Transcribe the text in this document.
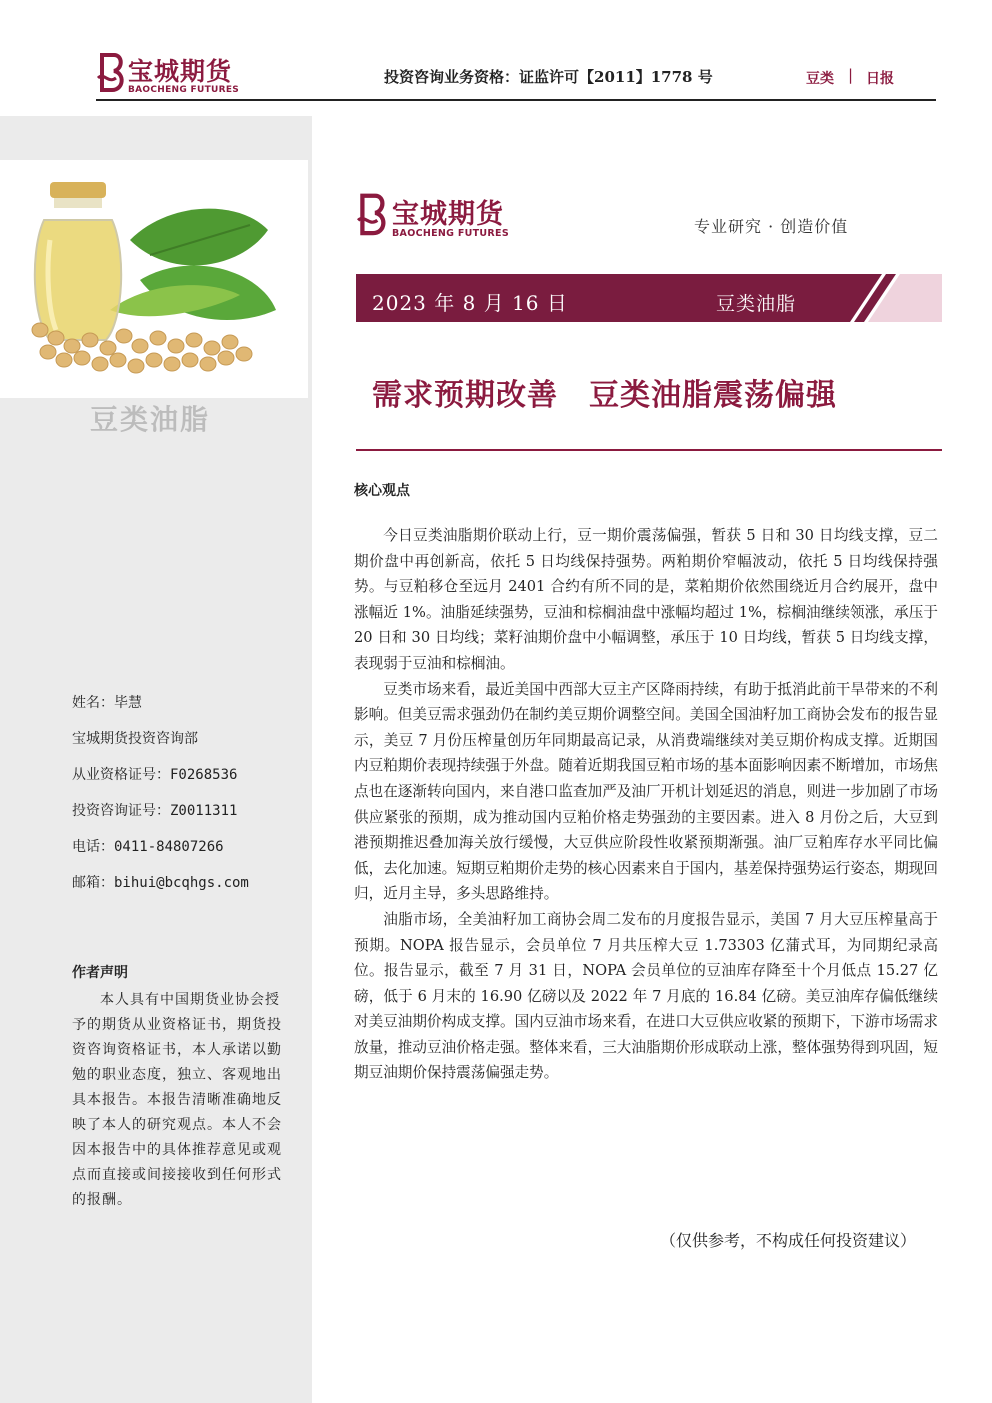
宝城期货
BAOCHENG FUTURES
投资咨询业务资格：证监许可【2011】1778 号	豆类 | 日报
豆类油脂
姓名：毕慧
宝城期货投资咨询部
从业资格证号：F0268536
投资咨询证号：Z0011311
电话：0411-84807266
邮箱：bihui@bcqhgs.com
作者声明
本人具有中国期货业协会授予的期货从业资格证书，期货投资咨询资格证书，本人承诺以勤勉的职业态度，独立、客观地出具本报告。本报告清晰准确地反映了本人的研究观点。本人不会因本报告中的具体推荐意见或观点而直接或间接接收到任何形式的报酬。
宝城期货
BAOCHENG FUTURES	专业研究 · 创造价值
2023 年 8 月 16 日	豆类油脂
需求预期改善　豆类油脂震荡偏强
核心观点

今日豆类油脂期价联动上行，豆一期价震荡偏强，暂获 5 日和 30 日均线支撑，豆二期价盘中再创新高，依托 5 日均线保持强势。两粕期价窄幅波动，依托 5 日均线保持强势。与豆粕移仓至远月 2401 合约有所不同的是，菜粕期价依然围绕近月合约展开，盘中涨幅近 1%。油脂延续强势，豆油和棕榈油盘中涨幅均超过 1%，棕榈油继续领涨，承压于 20 日和 30 日均线；菜籽油期价盘中小幅调整，承压于 10 日均线，暂获 5 日均线支撑，表现弱于豆油和棕榈油。

豆类市场来看，最近美国中西部大豆主产区降雨持续，有助于抵消此前干旱带来的不利影响。但美豆需求强劲仍在制约美豆期价调整空间。美国全国油籽加工商协会发布的报告显示，美豆 7 月份压榨量创历年同期最高记录，从消费端继续对美豆期价构成支撑。近期国内豆粕期价表现持续强于外盘。随着近期我国豆粕市场的基本面影响因素不断增加，市场焦点也在逐渐转向国内，来自港口监查加严及油厂开机计划延迟的消息，则进一步加剧了市场供应紧张的预期，成为推动国内豆粕价格走势强劲的主要因素。进入 8 月份之后，大豆到港预期推迟叠加海关放行缓慢，大豆供应阶段性收紧预期渐强。油厂豆粕库存水平同比偏低，去化加速。短期豆粕期价走势的核心因素来自于国内，基差保持强势运行姿态，期现回归，近月主导，多头思路维持。

油脂市场，全美油籽加工商协会周二发布的月度报告显示，美国 7 月大豆压榨量高于预期。NOPA 报告显示，会员单位 7 月共压榨大豆 1.73303 亿蒲式耳，为同期纪录高位。报告显示，截至 7 月 31 日，NOPA 会员单位的豆油库存降至十个月低点 15.27 亿磅，低于 6 月末的 16.90 亿磅以及 2022 年 7 月底的 16.84 亿磅。美豆油库存偏低继续对美豆油期价构成支撑。国内豆油市场来看，在进口大豆供应收紧的预期下，下游市场需求放量，推动豆油价格走强。整体来看，三大油脂期价形成联动上涨，整体强势得到巩固，短期豆油期价保持震荡偏强走势。

（仅供参考，不构成任何投资建议）
